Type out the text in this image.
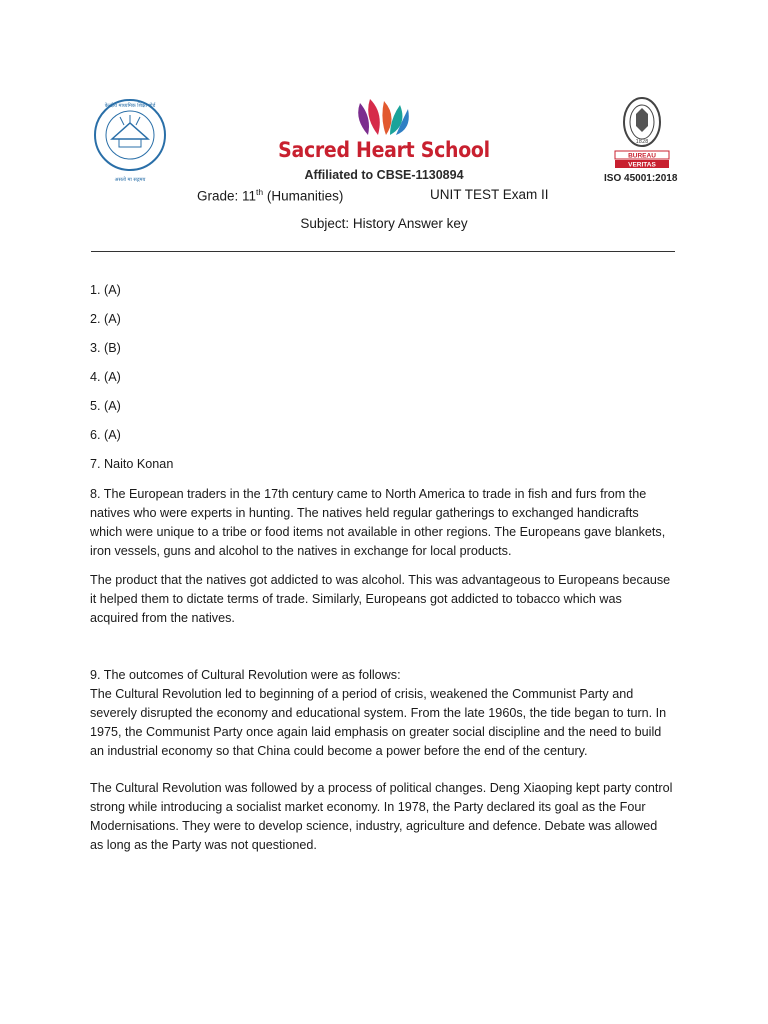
केन्द्रीय माध्यमिक शिक्षा बोर्ड
असतो मा सद्गमय
Sacred Heart School
Affiliated to CBSE-1130894
1828
BUREAU
VERITAS
ISO 45001:2018
Grade: 11th (Humanities)	UNIT TEST Exam II
Subject: History Answer key
1. (A)
2. (A)
3. (B)
4. (A)
5. (A)
6. (A)
7. Naito Konan
8. The European traders in the 17th century came to North America to trade in fish and furs from the
natives who were experts in hunting. The natives held regular gatherings to exchanged handicrafts
which were unique to a tribe or food items not available in other regions. The Europeans gave blankets,
iron vessels, guns and alcohol to the natives in exchange for local products.
The product that the natives got addicted to was alcohol. This was advantageous to Europeans because
it helped them to dictate terms of trade. Similarly, Europeans got addicted to tobacco which was
acquired from the natives.
9. The outcomes of Cultural Revolution were as follows:
The Cultural Revolution led to beginning of a period of crisis, weakened the Communist Party and
severely disrupted the economy and educational system. From the late 1960s, the tide began to turn. In
1975, the Communist Party once again laid emphasis on greater social discipline and the need to build
an industrial economy so that China could become a power before the end of the century.
The Cultural Revolution was followed by a process of political changes. Deng Xiaoping kept party control
strong while introducing a socialist market economy. In 1978, the Party declared its goal as the Four
Modernisations. They were to develop science, industry, agriculture and defence. Debate was allowed
as long as the Party was not questioned.
